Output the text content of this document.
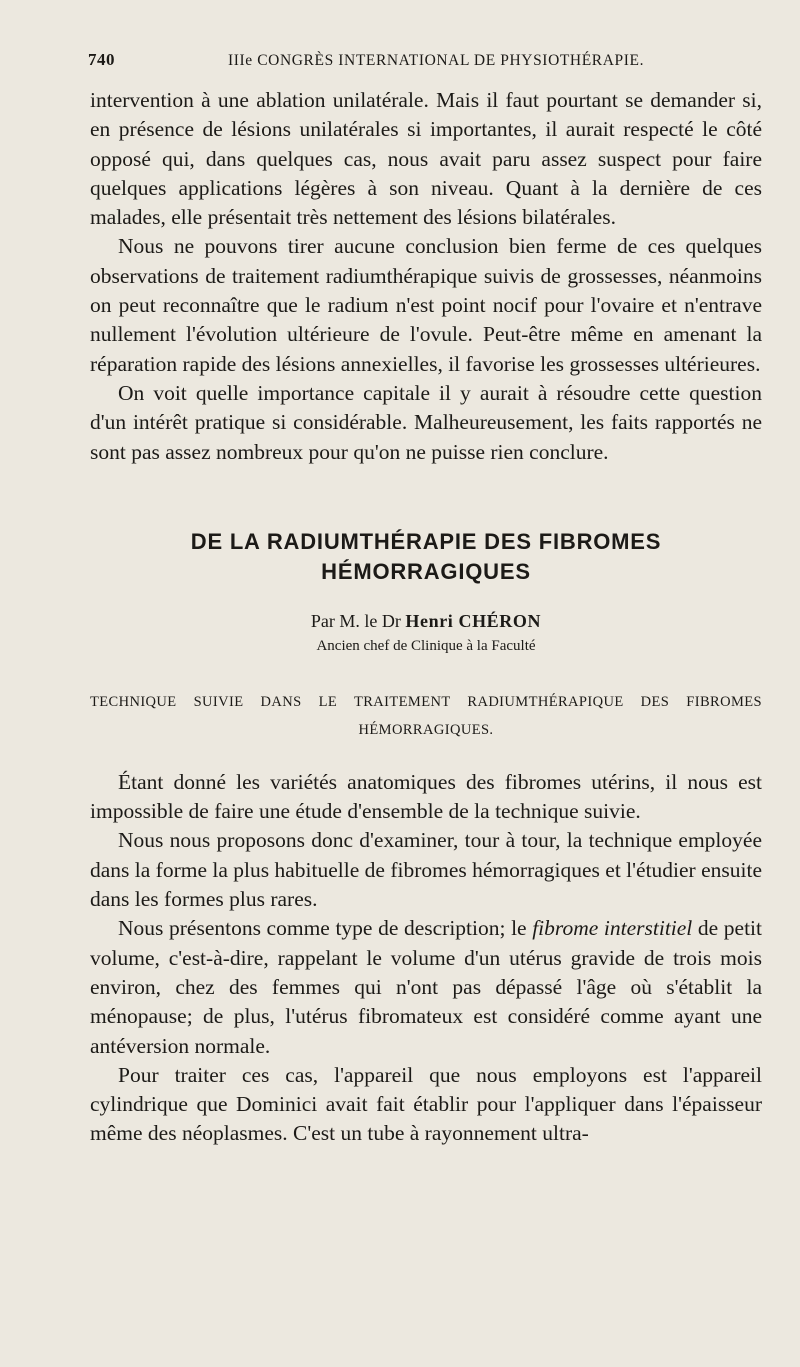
740	IIIe CONGRÈS INTERNATIONAL DE PHYSIOTHÉRAPIE.

intervention à une ablation unilatérale. Mais il faut pourtant se demander si, en présence de lésions unilatérales si importantes, il aurait respecté le côté opposé qui, dans quelques cas, nous avait paru assez suspect pour faire quelques applications légères à son niveau. Quant à la dernière de ces malades, elle présentait très nettement des lésions bilatérales.

Nous ne pouvons tirer aucune conclusion bien ferme de ces quelques observations de traitement radiumthérapique suivis de grossesses, néanmoins on peut reconnaître que le radium n'est point nocif pour l'ovaire et n'entrave nullement l'évolution ultérieure de l'ovule. Peut-être même en amenant la réparation rapide des lésions annexielles, il favorise les grossesses ultérieures.

On voit quelle importance capitale il y aurait à résoudre cette question d'un intérêt pratique si considérable. Malheureusement, les faits rapportés ne sont pas assez nombreux pour qu'on ne puisse rien conclure.

DE LA RADIUMTHÉRAPIE DES FIBROMES
HÉMORRAGIQUES
Par M. le Dr Henri CHÉRON
Ancien chef de Clinique à la Faculté
TECHNIQUE SUIVIE DANS LE TRAITEMENT RADIUMTHÉRAPIQUE DES FIBROMES HÉMORRAGIQUES.

Étant donné les variétés anatomiques des fibromes utérins, il nous est impossible de faire une étude d'ensemble de la technique suivie.

Nous nous proposons donc d'examiner, tour à tour, la technique employée dans la forme la plus habituelle de fibromes hémorragiques et l'étudier ensuite dans les formes plus rares.

Nous présentons comme type de description; le fibrome interstitiel de petit volume, c'est-à-dire, rappelant le volume d'un utérus gravide de trois mois environ, chez des femmes qui n'ont pas dépassé l'âge où s'établit la ménopause; de plus, l'utérus fibromateux est considéré comme ayant une antéversion normale.

Pour traiter ces cas, l'appareil que nous employons est l'appareil cylindrique que Dominici avait fait établir pour l'appliquer dans l'épaisseur même des néoplasmes. C'est un tube à rayonnement ultra-
